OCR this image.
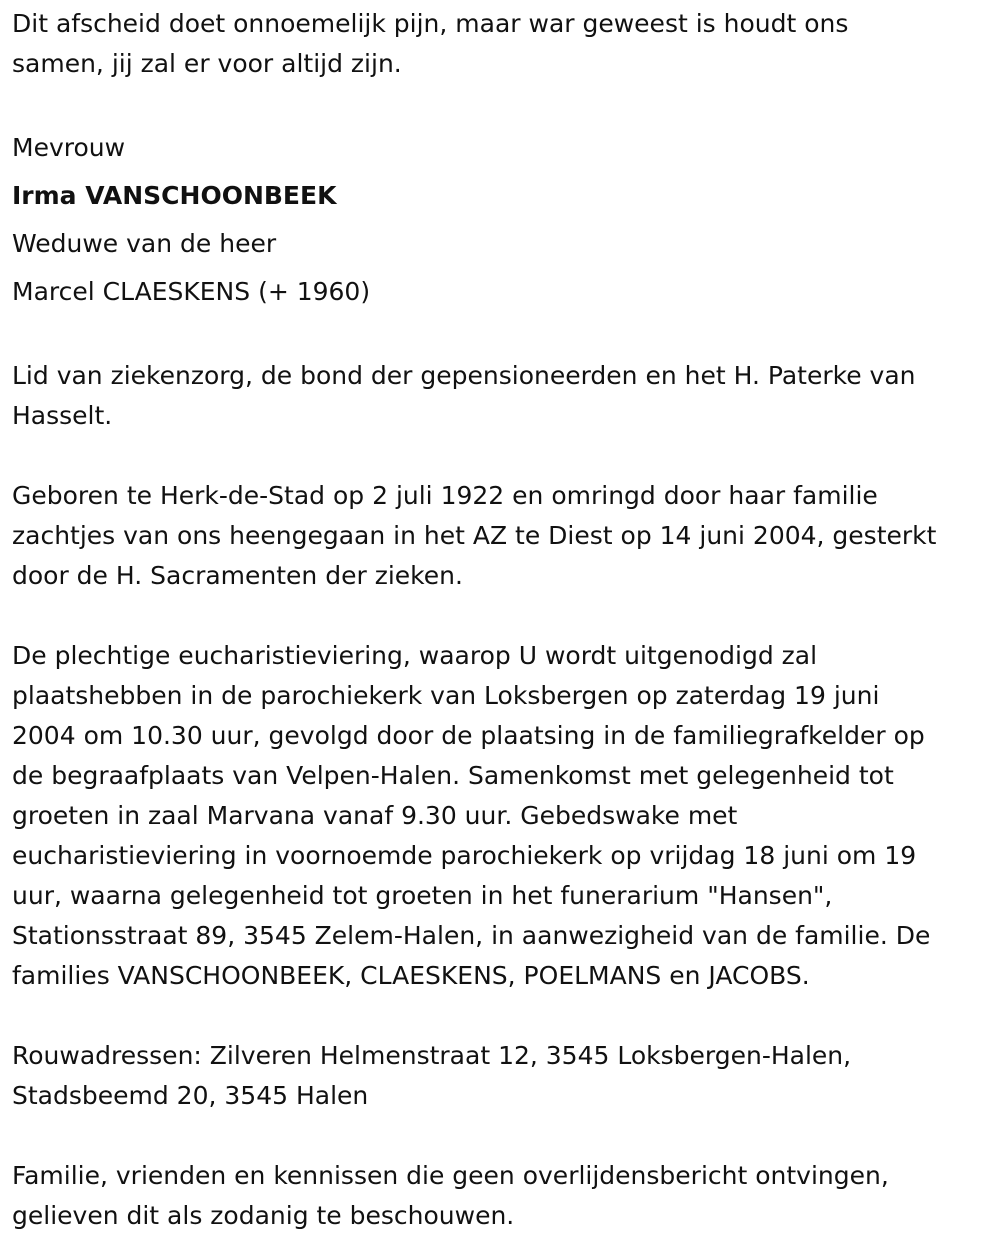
Dit afscheid doet onnoemelijk pijn, maar war geweest is houdt ons
samen, jij zal er voor altijd zijn.

Mevrouw
Irma VANSCHOONBEEK
Weduwe van de heer
Marcel CLAESKENS (+ 1960)

Lid van ziekenzorg, de bond der gepensioneerden en het H. Paterke van
Hasselt.

Geboren te Herk-de-Stad op 2 juli 1922 en omringd door haar familie
zachtjes van ons heengegaan in het AZ te Diest op 14 juni 2004, gesterkt
door de H. Sacramenten der zieken.

De plechtige eucharistieviering, waarop U wordt uitgenodigd zal
plaatshebben in de parochiekerk van Loksbergen op zaterdag 19 juni
2004 om 10.30 uur, gevolgd door de plaatsing in de familiegrafkelder op
de begraafplaats van Velpen-Halen. Samenkomst met gelegenheid tot
groeten in zaal Marvana vanaf 9.30 uur. Gebedswake met
eucharistieviering in voornoemde parochiekerk op vrijdag 18 juni om 19
uur, waarna gelegenheid tot groeten in het funerarium "Hansen",
Stationsstraat 89, 3545 Zelem-Halen, in aanwezigheid van de familie. De
families VANSCHOONBEEK, CLAESKENS, POELMANS en JACOBS.

Rouwadressen: Zilveren Helmenstraat 12, 3545 Loksbergen-Halen,
Stadsbeemd 20, 3545 Halen

Familie, vrienden en kennissen die geen overlijdensbericht ontvingen,
gelieven dit als zodanig te beschouwen.
